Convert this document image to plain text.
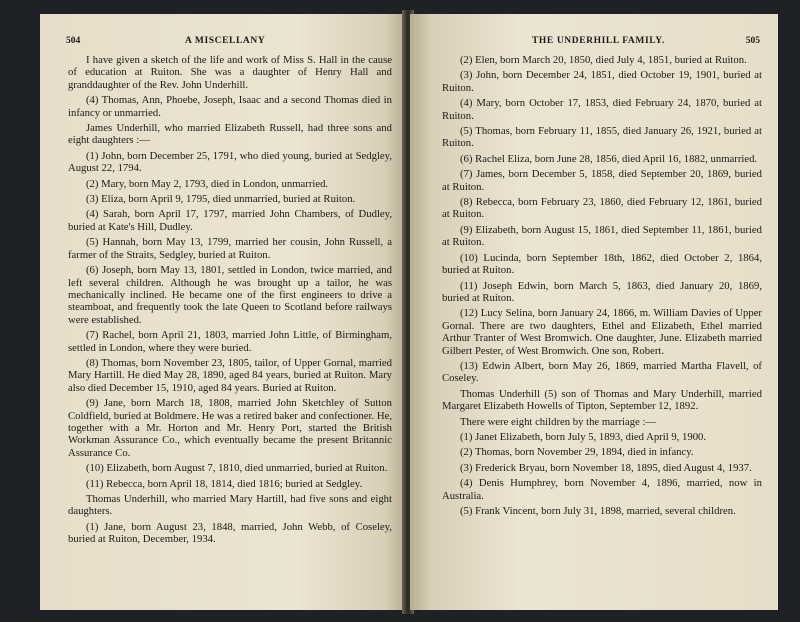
504	A MISCELLANY

I have given a sketch of the life and work of Miss S. Hall in the cause of education at Ruiton. She was a daughter of Henry Hall and granddaughter of the Rev. John Underhill.

(4) Thomas, Ann, Phoebe, Joseph, Isaac and a second Thomas died in infancy or unmarried.

James Underhill, who married Elizabeth Russell, had three sons and eight daughters :—

(1) John, born December 25, 1791, who died young, buried at Sedgley, August 22, 1794.

(2) Mary, born May 2, 1793, died in London, unmarried.

(3) Eliza, born April 9, 1795, died unmarried, buried at Ruiton.

(4) Sarah, born April 17, 1797, married John Chambers, of Dudley, buried at Kate's Hill, Dudley.

(5) Hannah, born May 13, 1799, married her cousin, John Russell, a farmer of the Straits, Sedgley, buried at Ruiton.

(6) Joseph, born May 13, 1801, settled in London, twice married, and left several children. Although he was brought up a tailor, he was mechanically inclined. He became one of the first engineers to drive a steamboat, and frequently took the late Queen to Scotland before railways were established.

(7) Rachel, born April 21, 1803, married John Little, of Birmingham, settled in London, where they were buried.

(8) Thomas, born November 23, 1805, tailor, of Upper Gornal, married Mary Hartill. He died May 28, 1890, aged 84 years, buried at Ruiton. Mary also died December 15, 1910, aged 84 years. Buried at Ruiton.

(9) Jane, born March 18, 1808, married John Sketchley of Sutton Coldfield, buried at Boldmere. He was a retired baker and confectioner. He, together with a Mr. Horton and Mr. Henry Port, started the British Workman Assurance Co., which eventually became the present Britannic Assurance Co.

(10) Elizabeth, born August 7, 1810, died unmarried, buried at Ruiton.

(11) Rebecca, born April 18, 1814, died 1816; buried at Sedgley.

Thomas Underhill, who married Mary Hartill, had five sons and eight daughters.

(1) Jane, born August 23, 1848, married, John Webb, of Coseley, buried at Ruiton, December, 1934.

THE UNDERHILL FAMILY.	505

(2) Elen, born March 20, 1850, died July 4, 1851, buried at Ruiton.

(3) John, born December 24, 1851, died October 19, 1901, buried at Ruiton.

(4) Mary, born October 17, 1853, died February 24, 1870, buried at Ruiton.

(5) Thomas, born February 11, 1855, died January 26, 1921, buried at Ruiton.

(6) Rachel Eliza, born June 28, 1856, died April 16, 1882, unmarried.

(7) James, born December 5, 1858, died September 20, 1869, buried at Ruiton.

(8) Rebecca, born February 23, 1860, died February 12, 1861, buried at Ruiton.

(9) Elizabeth, born August 15, 1861, died September 11, 1861, buried at Ruiton.

(10) Lucinda, born September 18th, 1862, died October 2, 1864, buried at Ruiton.

(11) Joseph Edwin, born March 5, 1863, died January 20, 1869, buried at Ruiton.

(12) Lucy Selina, born January 24, 1866, m. William Davies of Upper Gornal. There are two daughters, Ethel and Elizabeth, Ethel married Arthur Tranter of West Bromwich. One daughter, June. Elizabeth married Gilbert Pester, of West Bromwich. One son, Robert.

(13) Edwin Albert, born May 26, 1869, married Martha Flavell, of Coseley.

Thomas Underhill (5) son of Thomas and Mary Underhill, married Margaret Elizabeth Howells of Tipton, September 12, 1892.

There were eight children by the marriage :—

(1) Janet Elizabeth, born July 5, 1893, died April 9, 1900.

(2) Thomas, born November 29, 1894, died in infancy.

(3) Frederick Bryau, born November 18, 1895, died August 4, 1937.

(4) Denis Humphrey, born November 4, 1896, married, now in Australia.

(5) Frank Vincent, born July 31, 1898, married, several children.
